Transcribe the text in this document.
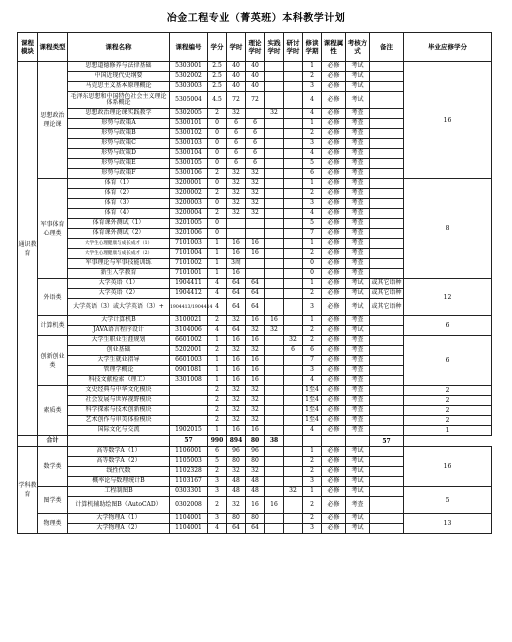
冶金工程专业（菁英班）本科教学计划
课程模块	课程类型	课程名称	课程编号	学分	学时	理论学时	实践学时	研讨学时	修读学期	课程属性	考核方式	备注	毕业应修学分
通识教育	思想政治理论课	思想道德修养与法律基础	5303001	2.5	40	40			1	必修	考试		16
		中国近现代史纲要	5302002	2.5	40	40			2	必修	考试		
		马克思主义基本原理概论	5303003	2.5	40	40			3	必修	考试		
		毛泽东思想和中国特色社会主义理论体系概论	5305004	4.5	72	72			4	必修	考试		
		思想政治理论课实践教学	5302005	2	32		32		4	必修	考查		
		形势与政策A	5300101	0	6	6			1	必修	考查		
		形势与政策B	5300102	0	6	6			2	必修	考查		
		形势与政策C	5300103	0	6	6			3	必修	考查		
		形势与政策D	5300104	0	6	6			4	必修	考查		
		形势与政策E	5300105	0	6	6			5	必修	考查		
		形势与政策F	5300106	2	32	32			6	必修	考查		
	军事体育心理类	体育（1）	3200001	0	32	32			1	必修	考查		8
		体育（2）	3200002	2	32	32			2	必修	考查		
		体育（3）	3200003	0	32	32			3	必修	考查		
		体育（4）	3200004	2	32	32			4	必修	考查		
		体育课外测试（1）	3201005	0					5	必修	考查		
		体育课外测试（2）	3201006	0					7	必修	考查		
		大学生心理健康与成长成才（1）	7101003	1	16	16			1	必修	考查		
		大学生心理健康与成长成才（2）	7101004	1	16	16			2	必修	考查		
		军事理论与军事技能训练	7101002	1	3周				0	必修	考查		
		新生入学教育	7101001	1	16				0	必修	考查		
	外语类	大学英语（1）	1904411	4	64	64			1	必修	考试	或其它语种	12
		大学英语（2）	1904412	4	64	64			2	必修	考试	或其它语种	
		大学英语（3）或大学英语（3）+	1904413/1904414	4	64	64			3	必修	考试	或其它语种	
	计算机类	大学计算机B	3100021	2	32	16	16		1	必修	考查		6
		JAVA语言程序设计	3104006	4	64	32	32		2	必修	考试		
	创新创业类	大学生职业生涯规划	6601002	1	16	16		32	2	必修	考查		6
		创业基础	5202001	2	32	32		6	6	必修	考查		
		大学生就业指导	6601003	1	16	16			7	必修	考查		
		管理学概论	0901081	1	16	16			3	必修	考查		
		科技文献检索（理工）	3301008	1	16	16			4	必修	考查		
	素质类	文史经典与中华文化模块		2	32	32			1至4	必修	考查		2
		社会发展与世界视野模块		2	32	32			1至4	必修	考查		2
		科学探索与技术创新模块		2	32	32			1至4	必修	考查		2
		艺术创作与审美体验模块		2	32	32			1至4	必修	考查		2
		国际文化与交流	1902015	1	16	16			4	必修	考查		1
	合计		57	990	894	80	38					57	
学科教育	数学类	高等数学A（1）	1106001	6	96	96			1	必修	考试		16
		高等数学A（2）	1105003	5	80	80			2	必修	考试		
		线性代数	1102328	2	32	32			2	必修	考试		
		概率论与数理统计B	1103167	3	48	48			3	必修	考试		
	图学类	工程制图B	0303301	3	48	48		32	1	必修	考试		5
		计算机辅助绘图B（AutoCAD）	0302008	2	32	16	16		2	必修	考查		
	物理类	大学物理A（1）	1104001	3	80	80			2	必修	考试		13
		大学物理A（2）	1104001	4	64	64			3	必修	考试		
